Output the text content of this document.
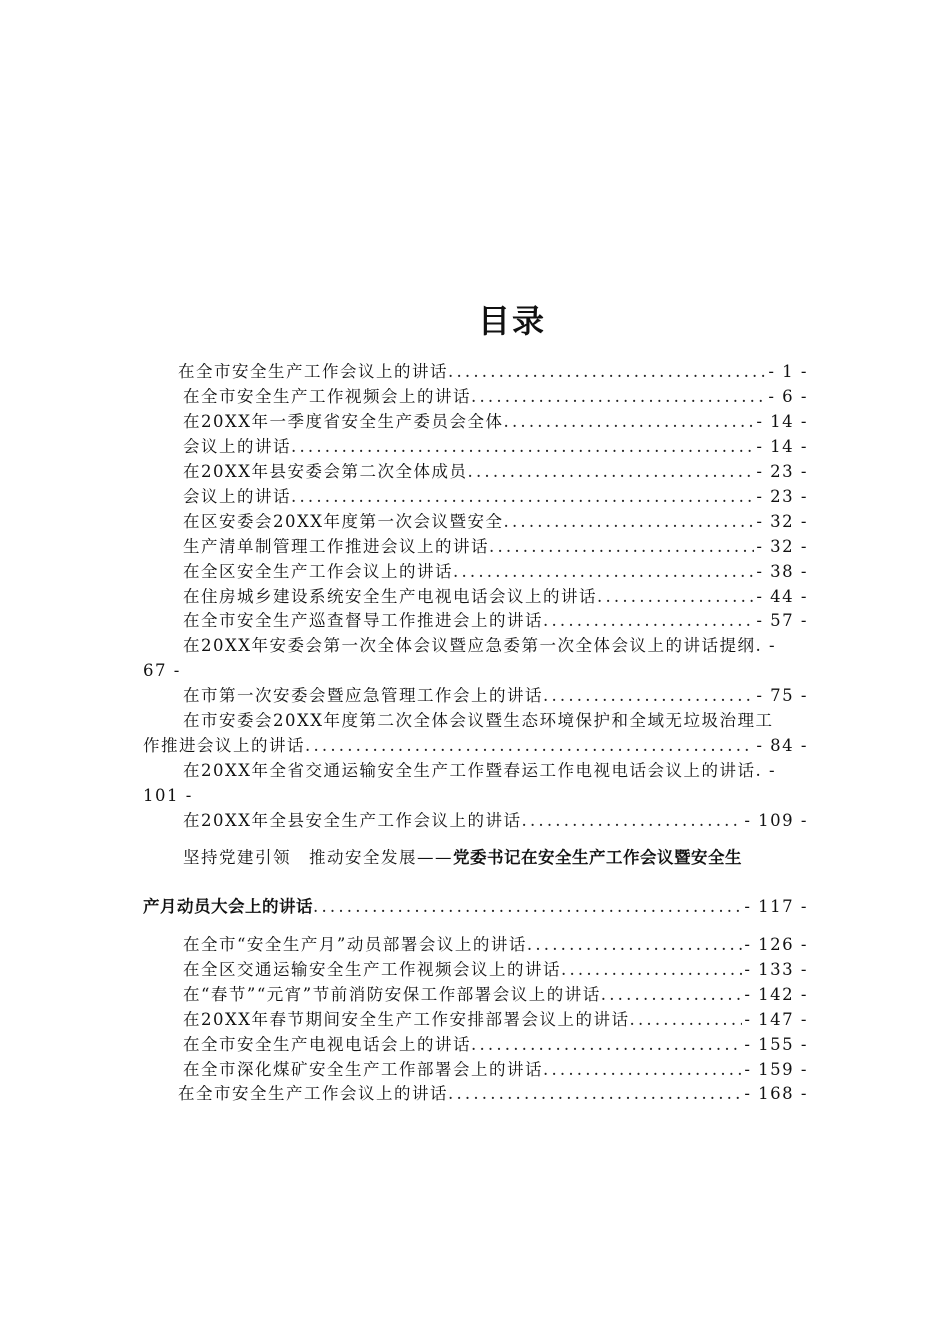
目录
在全市安全生产工作会议上的讲话 .....	- 1 -
在全市安全生产工作视频会上的讲话 .....	- 6 -
在20XX年一季度省安全生产委员会全体 .....	- 14 -
会议上的讲话 .....	- 14 -
在20XX年县安委会第二次全体成员 .....	- 23 -
会议上的讲话 .....	- 23 -
在区安委会20XX年度第一次会议暨安全 .....	- 32 -
生产清单制管理工作推进会议上的讲话 .....	- 32 -
在全区安全生产工作会议上的讲话 .....	- 38 -
在住房城乡建设系统安全生产电视电话会议上的讲话 .....	- 44 -
在全市安全生产巡查督导工作推进会上的讲话 .....	- 57 -
在20XX年安委会第一次全体会议暨应急委第一次全体会议上的讲话提纲. -
67 -
在市第一次安委会暨应急管理工作会上的讲话 .....	- 75 -
在市安委会20XX年度第二次全体会议暨生态环境保护和全域无垃圾治理工
作推进会议上的讲话 .....	- 84 -
在20XX年全省交通运输安全生产工作暨春运工作电视电话会议上的讲话. -
101 -
在20XX年全县安全生产工作会议上的讲话 .....	- 109 -
坚持党建引领　推动安全发展—— 党委书记在安全生产工作会议暨安全生
产月动员大会上的讲话 .....	- 117 -
在全市“安全生产月”动员部署会议上的讲话 .....	- 126 -
在全区交通运输安全生产工作视频会议上的讲话 .....	- 133 -
在“春节”“元宵”节前消防安保工作部署会议上的讲话 .....	- 142 -
在20XX年春节期间安全生产工作安排部署会议上的讲话 .....	- 147 -
在全市安全生产电视电话会上的讲话 .....	- 155 -
在全市深化煤矿安全生产工作部署会上的讲话 .....	- 159 -
在全市安全生产工作会议上的讲话 .....	- 168 -
